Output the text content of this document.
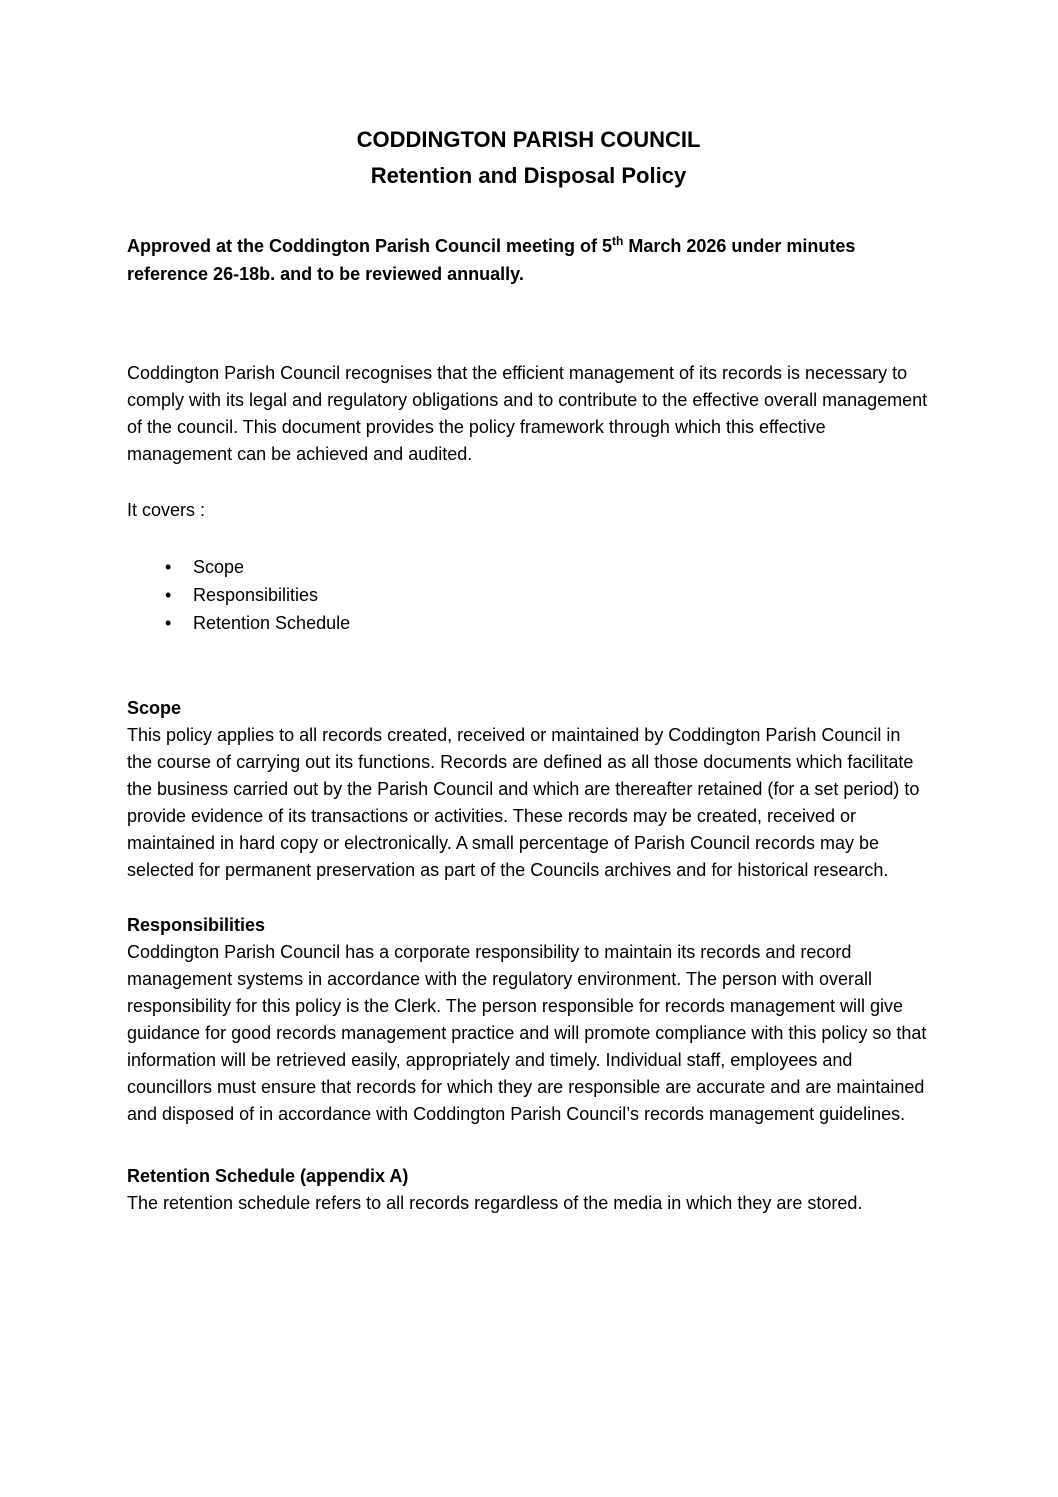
CODDINGTON PARISH COUNCIL
Retention and Disposal Policy

Approved at the Coddington Parish Council meeting of 5th March 2026 under minutes reference 26-18b. and to be reviewed annually.

Coddington Parish Council recognises that the efficient management of its records is necessary to comply with its legal and regulatory obligations and to contribute to the effective overall management of the council. This document provides the policy framework through which this effective management can be achieved and audited.

It covers :

• Scope
• Responsibilities
• Retention Schedule
Scope

This policy applies to all records created, received or maintained by Coddington Parish Council in the course of carrying out its functions. Records are defined as all those documents which facilitate the business carried out by the Parish Council and which are thereafter retained (for a set period) to provide evidence of its transactions or activities. These records may be created, received or maintained in hard copy or electronically. A small percentage of Parish Council records may be selected for permanent preservation as part of the Councils archives and for historical research.

Responsibilities

Coddington Parish Council has a corporate responsibility to maintain its records and record management systems in accordance with the regulatory environment. The person with overall responsibility for this policy is the Clerk. The person responsible for records management will give guidance for good records management practice and will promote compliance with this policy so that information will be retrieved easily, appropriately and timely. Individual staff, employees and councillors must ensure that records for which they are responsible are accurate and are maintained and disposed of in accordance with Coddington Parish Council’s records management guidelines.

Retention Schedule (appendix A)

The retention schedule refers to all records regardless of the media in which they are stored.
